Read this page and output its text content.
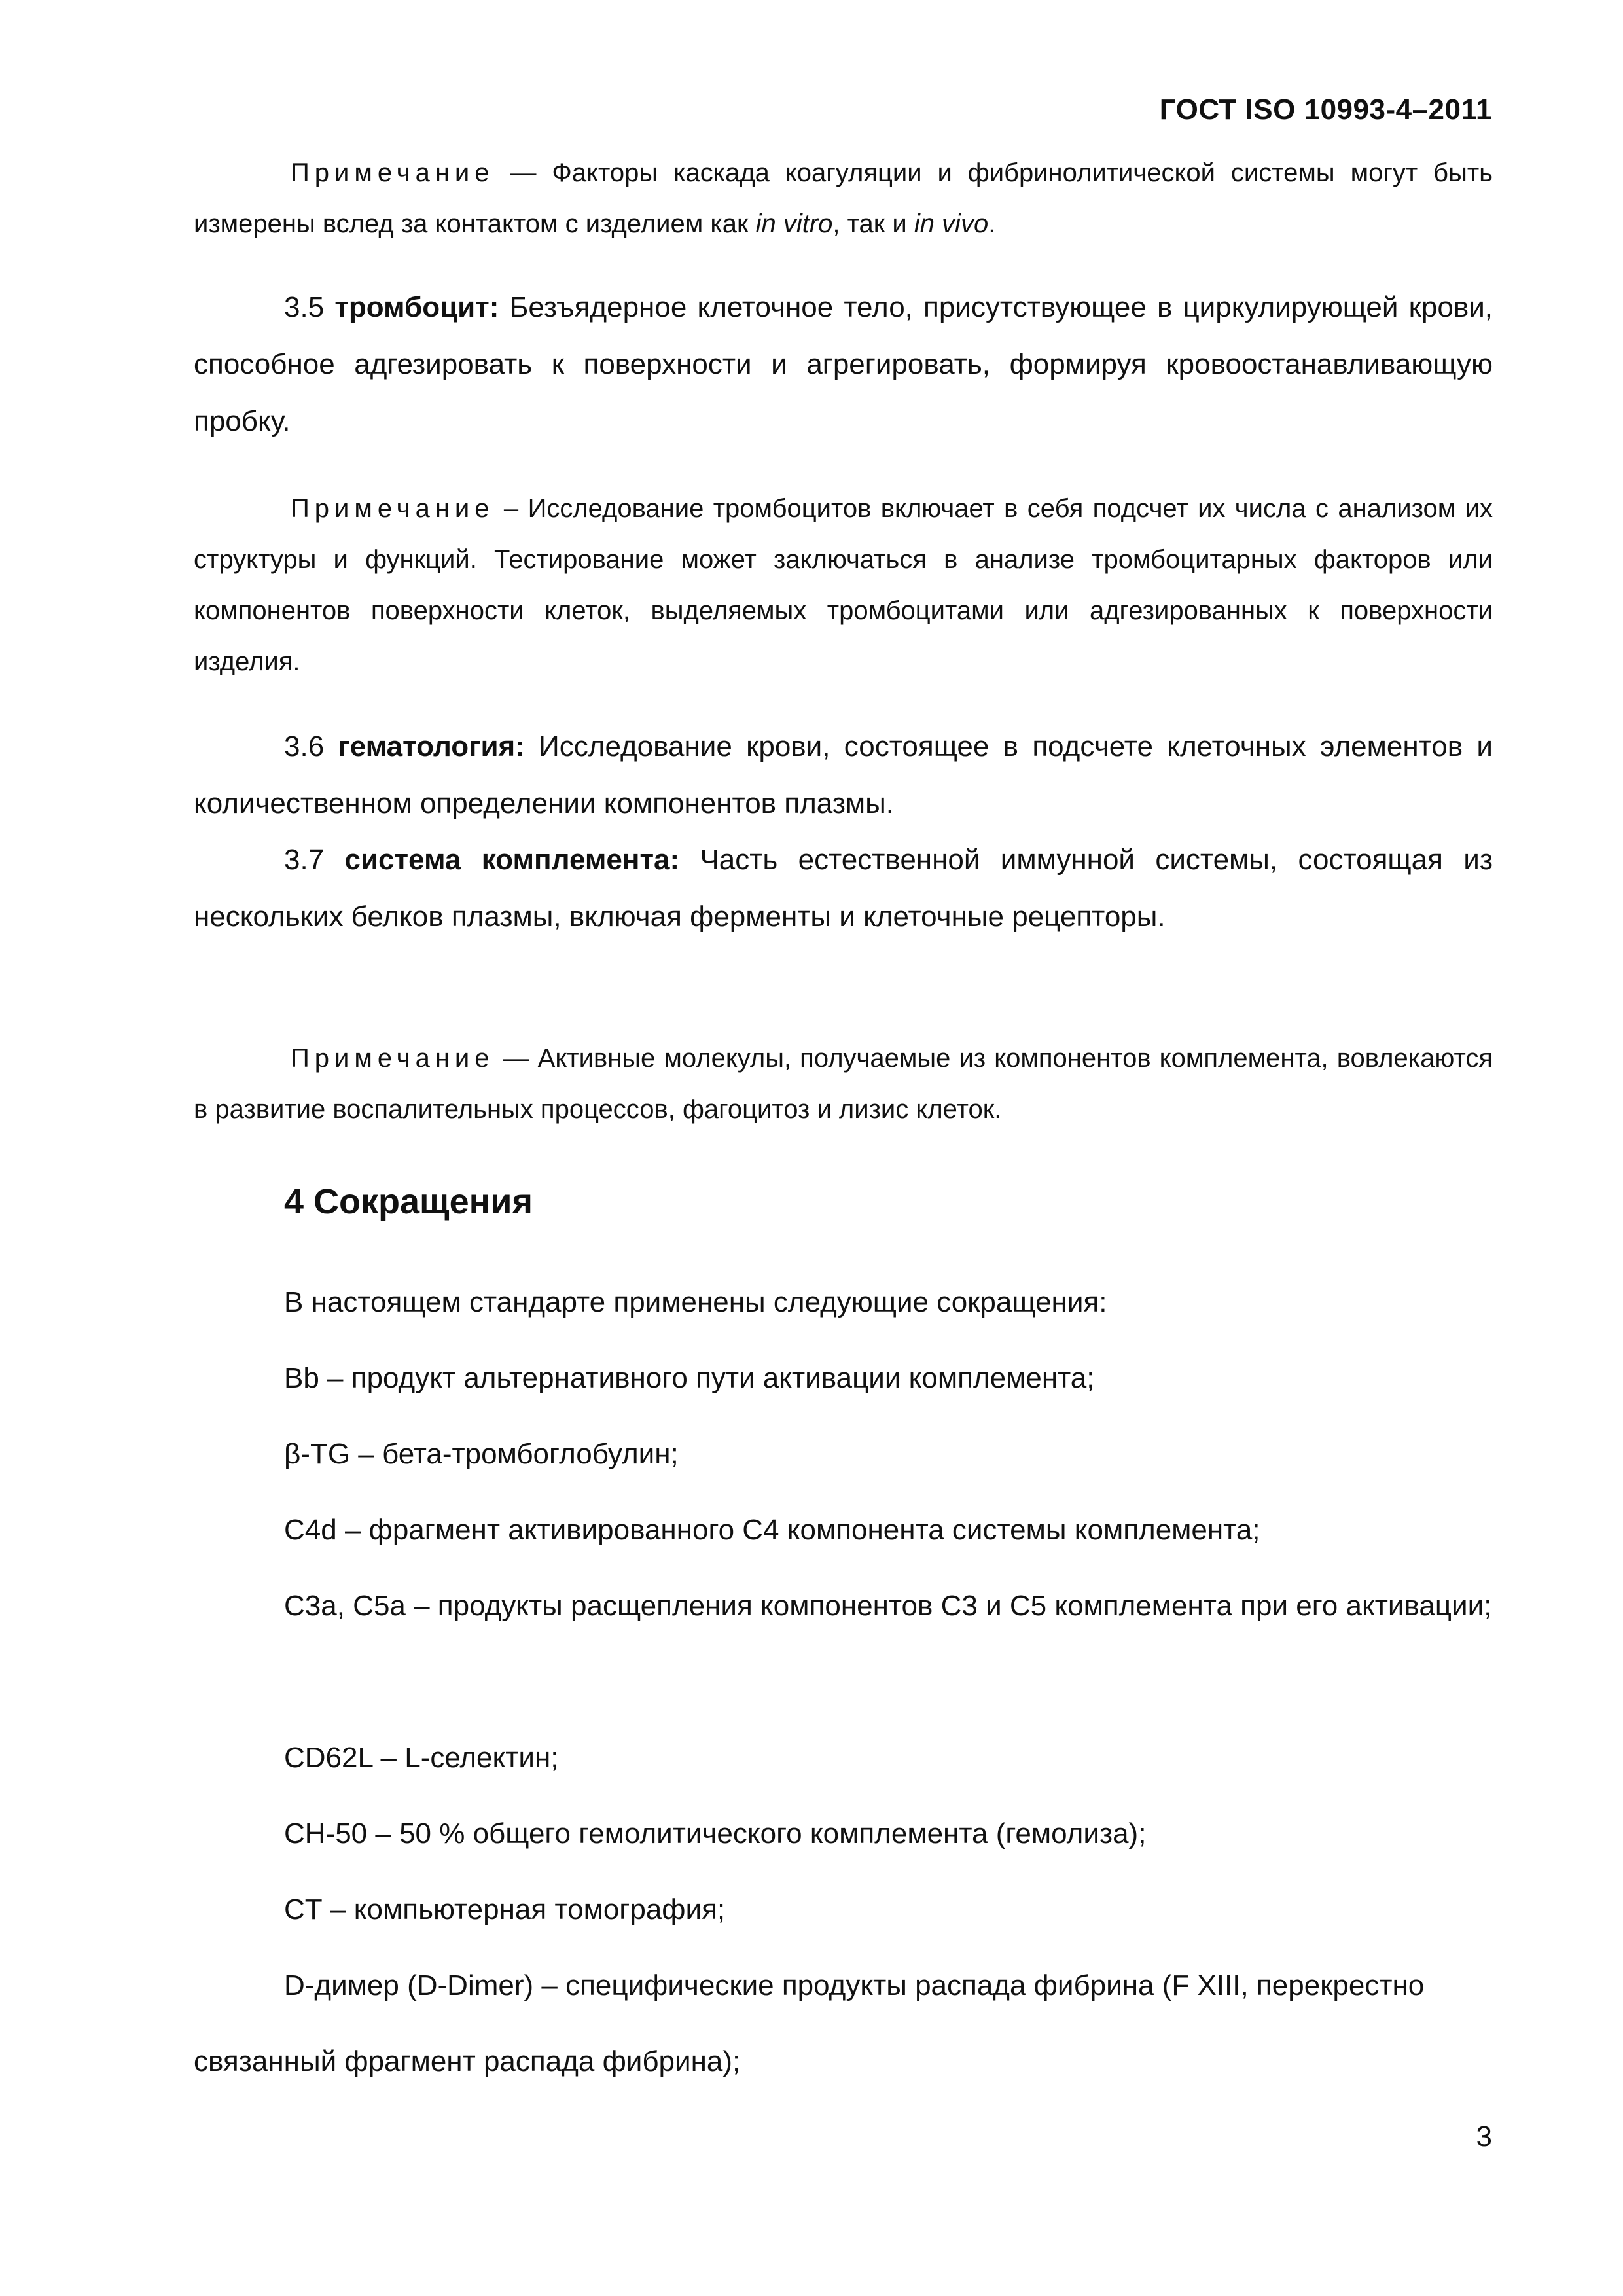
ГОСТ ISO 10993-4–2011

Примечание — Факторы каскада коагуляции и фибринолитической системы могут быть измерены вслед за контактом с изделием как in vitro, так и in vivo.

3.5 тромбоцит: Безъядерное клеточное тело, присутствующее в циркулирующей крови, способное адгезировать к поверхности и агрегировать, формируя кровоостанавливающую пробку.

Примечание – Исследование тромбоцитов включает в себя подсчет их числа с анализом их структуры и функций. Тестирование может заключаться в анализе тромбоцитарных факторов или компонентов поверхности клеток, выделяемых тромбоцитами или адгезированных к поверхности изделия.

3.6 гематология: Исследование крови, состоящее в подсчете клеточных элементов и количественном определении компонентов плазмы.

3.7 система комплемента: Часть естественной иммунной системы, состоящая из нескольких белков плазмы, включая ферменты и клеточные рецепторы.

Примечание — Активные молекулы, получаемые из компонентов комплемента, вовлекаются в развитие воспалительных процессов, фагоцитоз и лизис клеток.

4 Сокращения

В настоящем стандарте применены следующие сокращения:

Bb – продукт альтернативного пути активации комплемента;

β-TG – бета-тромбоглобулин;

C4d – фрагмент активированного C4 компонента системы комплемента;

C3a, C5a – продукты расщепления компонентов C3 и C5 комплемента при его активации;

CD62L – L-селектин;

CH-50 – 50 % общего гемолитического комплемента (гемолиза);

CT – компьютерная томография;

D-димер (D-Dimer) – специфические продукты распада фибрина (F XIII, перекрестно связанный фрагмент распада фибрина);

3
